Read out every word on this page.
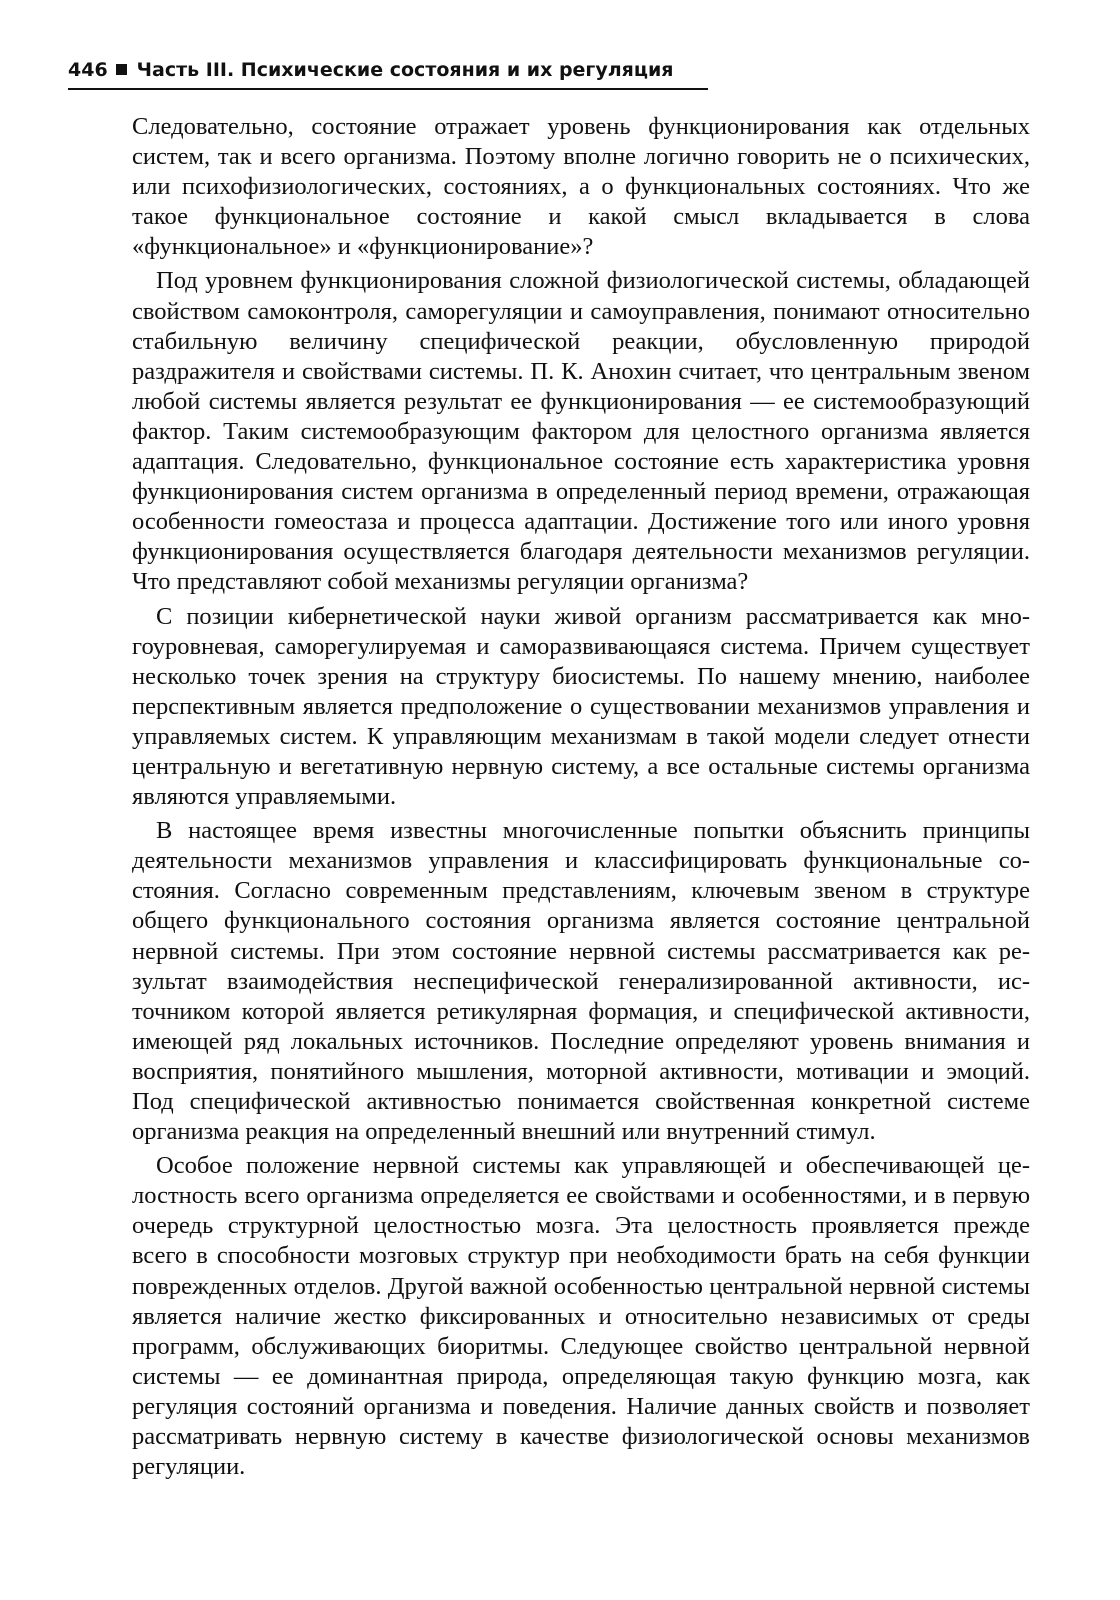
446 Часть III. Психические состояния и их регуляция

Следовательно, состояние отражает уровень функционирования как отдельных систем, так и всего организма. Поэтому вполне логично говорить не о психических, или психофизиологических, состояниях, а о функциональных состояниях. Что же такое функциональное состояние и какой смысл вкладывается в слова «функциональное» и «функционирование»?

Под уровнем функционирования сложной физиологической системы, обладающей свойством самоконтроля, саморегуляции и самоуправления, понимают относительно стабильную величину специфической реакции, обусловленную природой раздражителя и свойствами системы. П. К. Анохин считает, что центральным звеном любой системы является результат ее функционирования — ее системообразующий фактор. Таким системообразующим фактором для целостного организма является адаптация. Следовательно, функциональное состояние есть характеристика уровня функционирования систем организма в определенный период времени, отражающая особенности гомеостаза и процесса адаптации. Достижение того или иного уровня функционирования осуществляется благодаря деятельности механизмов регуляции. Что представляют собой механизмы регуляции организма?

С позиции кибернетической науки живой организм рассматривается как многоуровневая, саморегулируемая и саморазвивающаяся система. Причем существует несколько точек зрения на структуру биосистемы. По нашему мнению, наиболее перспективным является предположение о существовании механизмов управления и управляемых систем. К управляющим механизмам в такой модели следует отнести центральную и вегетативную нервную систему, а все остальные системы организма являются управляемыми.

В настоящее время известны многочисленные попытки объяснить принципы деятельности механизмов управления и классифицировать функциональные состояния. Согласно современным представлениям, ключевым звеном в структуре общего функционального состояния организма является состояние центральной нервной системы. При этом состояние нервной системы рассматривается как результат взаимодействия неспецифической генерализированной активности, источником которой является ретикулярная формация, и специфической активности, имеющей ряд локальных источников. Последние определяют уровень внимания и восприятия, понятийного мышления, моторной активности, мотивации и эмоций. Под специфической активностью понимается свойственная конкретной системе организма реакция на определенный внешний или внутренний стимул.

Особое положение нервной системы как управляющей и обеспечивающей целостность всего организма определяется ее свойствами и особенностями, и в первую очередь структурной целостностью мозга. Эта целостность проявляется прежде всего в способности мозговых структур при необходимости брать на себя функции поврежденных отделов. Другой важной особенностью центральной нервной системы является наличие жестко фиксированных и относительно независимых от среды программ, обслуживающих биоритмы. Следующее свойство центральной нервной системы — ее доминантная природа, определяющая такую функцию мозга, как регуляция состояний организма и поведения. Наличие данных свойств и позволяет рассматривать нервную систему в качестве физиологической основы механизмов регуляции.
